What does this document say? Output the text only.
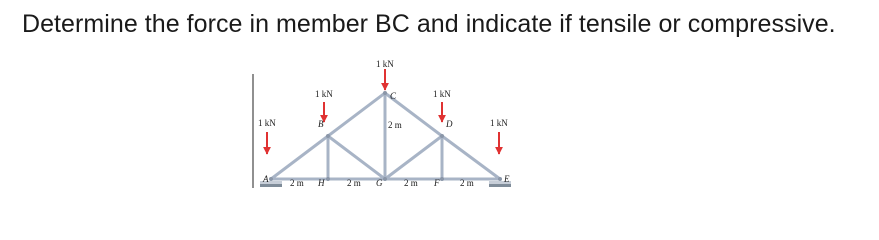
Determine the force in member BC and indicate if tensile or compressive.

1 kN
1 kN
1 kN
1 kN
1 kN
A
B
C
D
E
F
G
H
2 m	2 m	2 m	2 m
2 m
